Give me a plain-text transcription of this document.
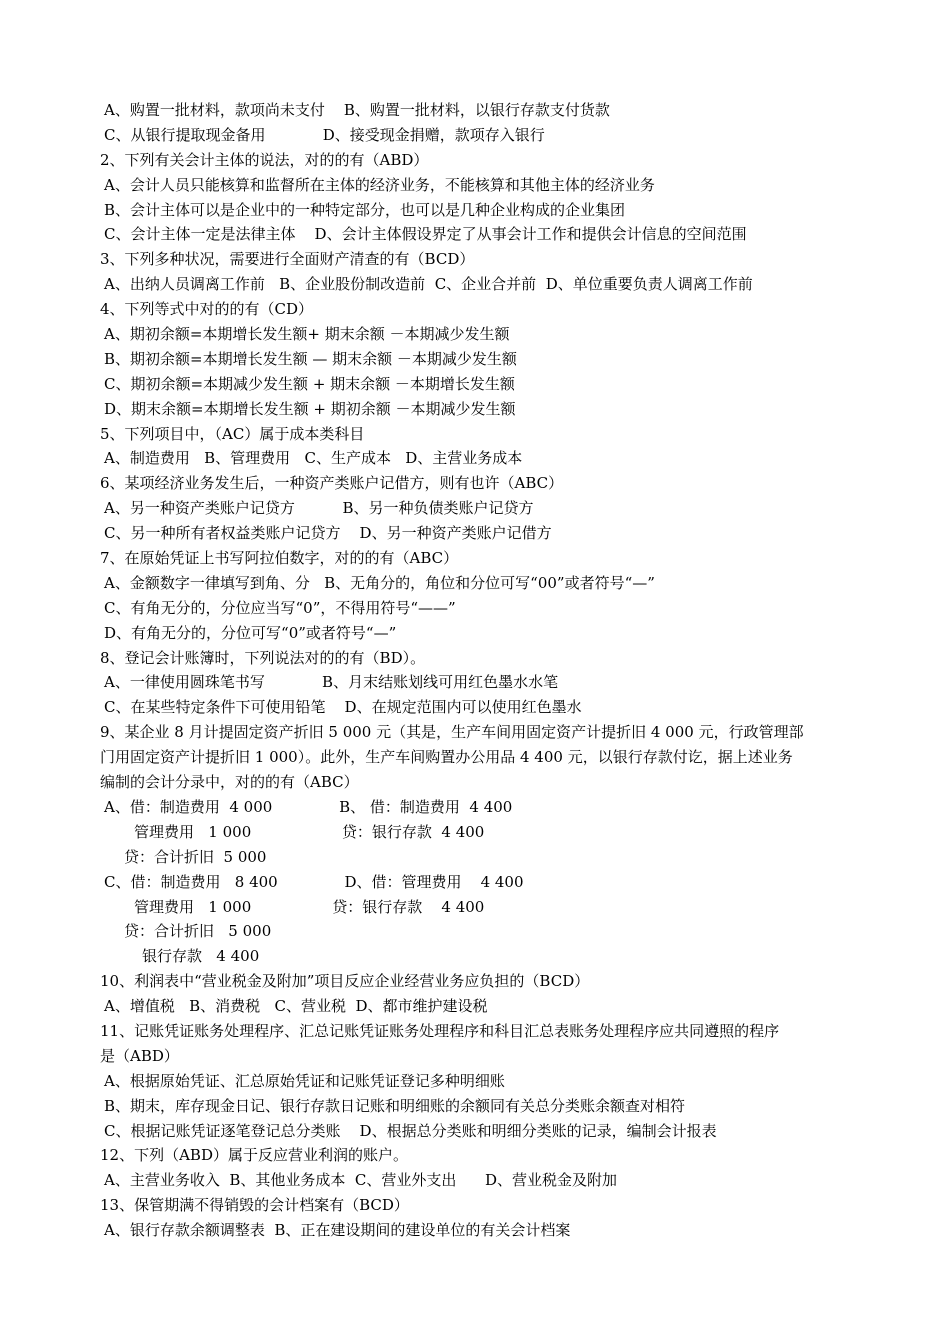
A、购置一批材料，款项尚未支付    B、购置一批材料，以银行存款支付货款
C、从银行提取现金备用            D、接受现金捐赠，款项存入银行
2、下列有关会计主体的说法，对的的有（ABD）
A、会计人员只能核算和监督所在主体的经济业务，不能核算和其他主体的经济业务
B、会计主体可以是企业中的一种特定部分，也可以是几种企业构成的企业集团
C、会计主体一定是法律主体    D、会计主体假设界定了从事会计工作和提供会计信息的空间范围
3、下列多种状况，需要进行全面财产清查的有（BCD）
A、出纳人员调离工作前   B、企业股份制改造前  C、企业合并前  D、单位重要负责人调离工作前
4、下列等式中对的的有（CD）
A、期初余额=本期增长发生额+ 期末余额 －本期减少发生额
B、期初余额=本期增长发生额 — 期末余额 －本期减少发生额
C、期初余额=本期减少发生额 + 期末余额 －本期增长发生额
D、期末余额=本期增长发生额 + 期初余额 －本期减少发生额
5、下列项目中，（AC）属于成本类科目
A、制造费用   B、管理费用   C、生产成本   D、主营业务成本
6、某项经济业务发生后，一种资产类账户记借方，则有也许（ABC）
A、另一种资产类账户记贷方          B、另一种负债类账户记贷方
C、另一种所有者权益类账户记贷方    D、另一种资产类账户记借方
7、在原始凭证上书写阿拉伯数字，对的的有（ABC）
A、金额数字一律填写到角、分   B、无角分的，角位和分位可写“00”或者符号“—”
C、有角无分的，分位应当写“0”，不得用符号“——”
D、有角无分的，分位可写“0”或者符号“—”
8、登记会计账簿时，下列说法对的的有（BD）。
A、一律使用圆珠笔书写            B、月末结账划线可用红色墨水水笔
C、在某些特定条件下可使用铅笔    D、在规定范围内可以使用红色墨水
9、某企业 8 月计提固定资产折旧 5 000 元（其是，生产车间用固定资产计提折旧 4 000 元，行政管理部
门用固定资产计提折旧 1 000）。此外，生产车间购置办公用品 4 400 元，以银行存款付讫，据上述业务
编制的会计分录中，对的的有（ABC）
A、借：制造费用  4 000              B、 借：制造费用  4 400
管理费用   1 000                   贷：银行存款  4 400
贷：合计折旧  5 000
C、借：制造费用   8 400              D、借：管理费用    4 400
管理费用   1 000                 贷：银行存款    4 400
贷：合计折旧   5 000
银行存款   4 400
10、利润表中“营业税金及附加”项目反应企业经营业务应负担的（BCD）
A、增值税   B、消费税   C、营业税  D、都市维护建设税
11、记账凭证账务处理程序、汇总记账凭证账务处理程序和科目汇总表账务处理程序应共同遵照的程序
是（ABD）
A、根据原始凭证、汇总原始凭证和记账凭证登记多种明细账
B、期末，库存现金日记、银行存款日记账和明细账的余额同有关总分类账余额查对相符
C、根据记账凭证逐笔登记总分类账    D、根据总分类账和明细分类账的记录，编制会计报表
12、下列（ABD）属于反应营业利润的账户。
A、主营业务收入  B、其他业务成本  C、营业外支出      D、营业税金及附加
13、保管期满不得销毁的会计档案有（BCD）
A、银行存款余额调整表  B、正在建设期间的建设单位的有关会计档案
